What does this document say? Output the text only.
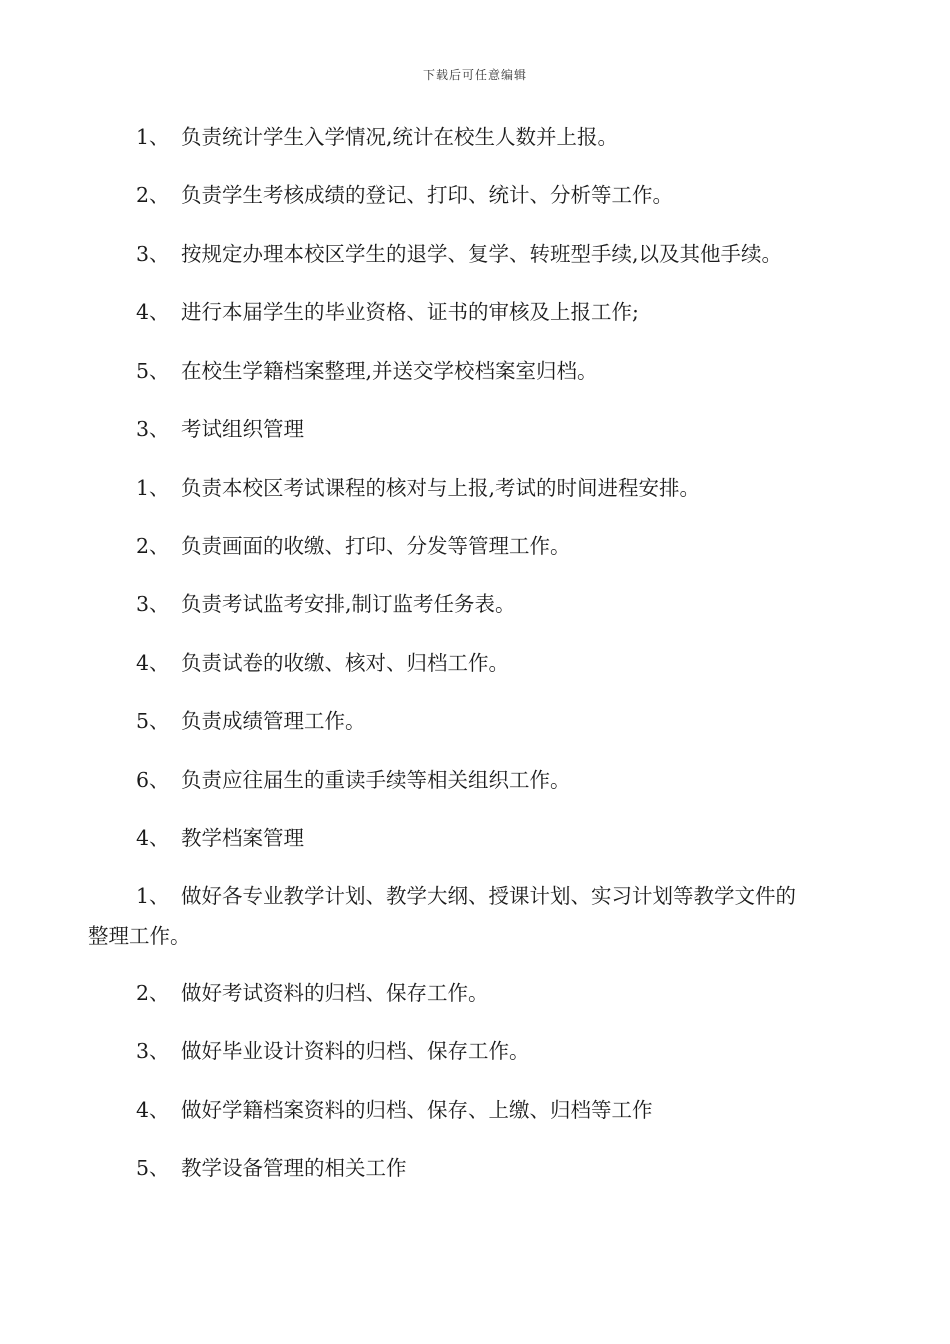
下载后可任意编辑
1、 负责统计学生入学情况,统计在校生人数并上报。
2、 负责学生考核成绩的登记、打印、统计、分析等工作。
3、 按规定办理本校区学生的退学、复学、转班型手续,以及其他手续。
4、 进行本届学生的毕业资格、证书的审核及上报工作;
5、 在校生学籍档案整理,并送交学校档案室归档。
3、 考试组织管理
1、 负责本校区考试课程的核对与上报,考试的时间进程安排。
2、 负责画面的收缴、打印、分发等管理工作。
3、 负责考试监考安排,制订监考任务表。
4、 负责试卷的收缴、核对、归档工作。
5、 负责成绩管理工作。
6、 负责应往届生的重读手续等相关组织工作。
4、 教学档案管理
1、 做好各专业教学计划、教学大纲、授课计划、实习计划等教学文件的
整理工作。
2、 做好考试资料的归档、保存工作。
3、 做好毕业设计资料的归档、保存工作。
4、 做好学籍档案资料的归档、保存、上缴、归档等工作
5、 教学设备管理的相关工作
